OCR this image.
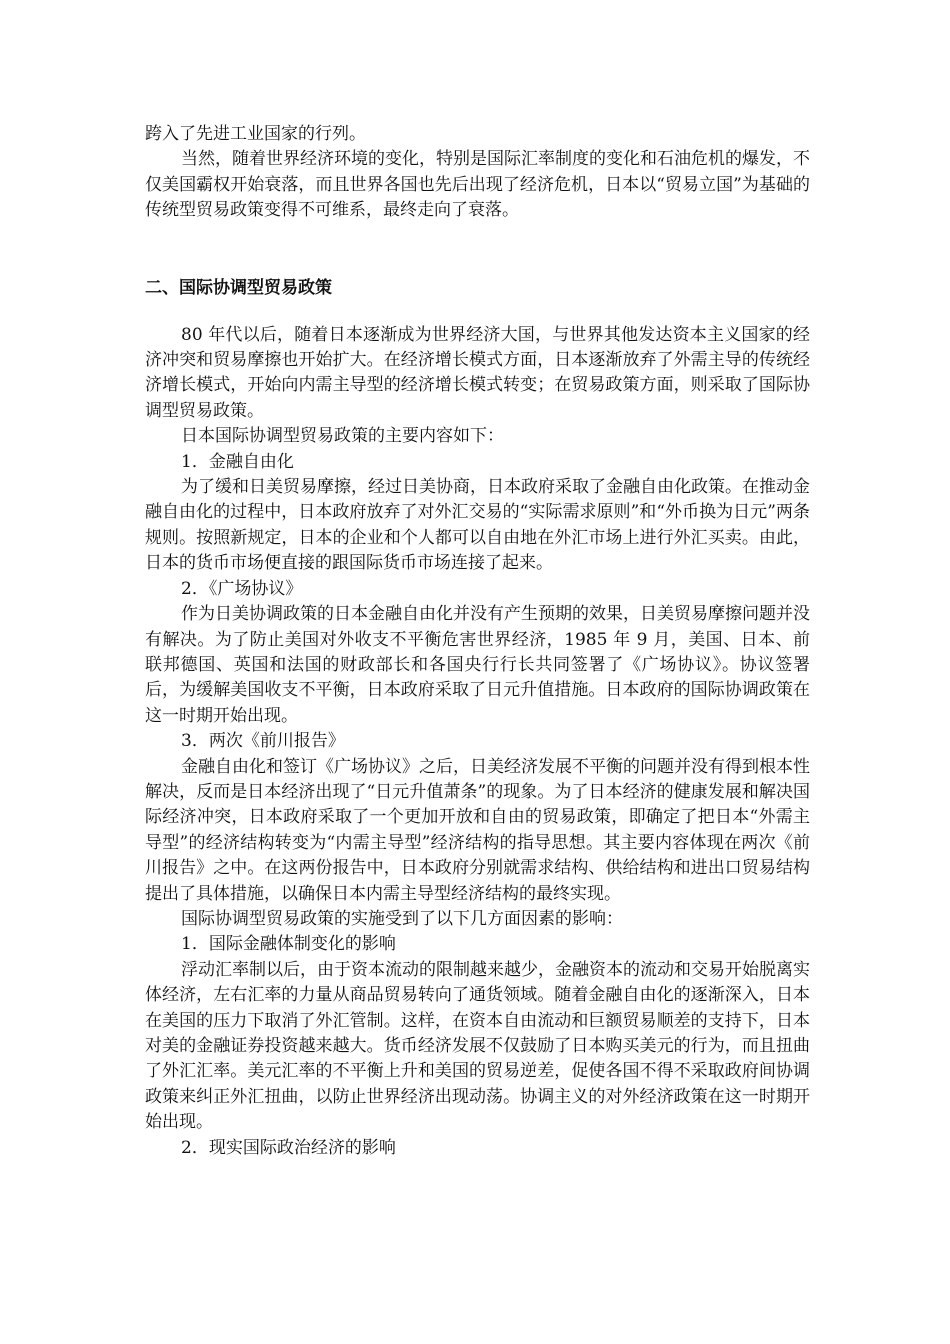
跨入了先进工业国家的行列。

当然，随着世界经济环境的变化，特别是国际汇率制度的变化和石油危机的爆发，不仅美国霸权开始衰落，而且世界各国也先后出现了经济危机，日本以“贸易立国”为基础的传统型贸易政策变得不可维系，最终走向了衰落。

二、国际协调型贸易政策

80 年代以后，随着日本逐渐成为世界经济大国，与世界其他发达资本主义国家的经济冲突和贸易摩擦也开始扩大。在经济增长模式方面，日本逐渐放弃了外需主导的传统经济增长模式，开始向内需主导型的经济增长模式转变；在贸易政策方面，则采取了国际协调型贸易政策。

日本国际协调型贸易政策的主要内容如下：

1．金融自由化

为了缓和日美贸易摩擦，经过日美协商，日本政府采取了金融自由化政策。在推动金融自由化的过程中，日本政府放弃了对外汇交易的“实际需求原则”和“外币换为日元”两条规则。按照新规定，日本的企业和个人都可以自由地在外汇市场上进行外汇买卖。由此，日本的货币市场便直接的跟国际货币市场连接了起来。

2．《广场协议》

作为日美协调政策的日本金融自由化并没有产生预期的效果，日美贸易摩擦问题并没有解决。为了防止美国对外收支不平衡危害世界经济，1985 年 9 月，美国、日本、前联邦德国、英国和法国的财政部长和各国央行行长共同签署了《广场协议》。协议签署后，为缓解美国收支不平衡，日本政府采取了日元升值措施。日本政府的国际协调政策在这一时期开始出现。

3．两次《前川报告》

金融自由化和签订《广场协议》之后，日美经济发展不平衡的问题并没有得到根本性解决，反而是日本经济出现了“日元升值萧条”的现象。为了日本经济的健康发展和解决国际经济冲突，日本政府采取了一个更加开放和自由的贸易政策，即确定了把日本“外需主导型”的经济结构转变为“内需主导型”经济结构的指导思想。其主要内容体现在两次《前川报告》之中。在这两份报告中，日本政府分别就需求结构、供给结构和进出口贸易结构提出了具体措施，以确保日本内需主导型经济结构的最终实现。

国际协调型贸易政策的实施受到了以下几方面因素的影响：

1．国际金融体制变化的影响

浮动汇率制以后，由于资本流动的限制越来越少，金融资本的流动和交易开始脱离实体经济，左右汇率的力量从商品贸易转向了通货领域。随着金融自由化的逐渐深入，日本在美国的压力下取消了外汇管制。这样，在资本自由流动和巨额贸易顺差的支持下，日本对美的金融证券投资越来越大。货币经济发展不仅鼓励了日本购买美元的行为，而且扭曲了外汇汇率。美元汇率的不平衡上升和美国的贸易逆差，促使各国不得不采取政府间协调政策来纠正外汇扭曲，以防止世界经济出现动荡。协调主义的对外经济政策在这一时期开始出现。

2．现实国际政治经济的影响
